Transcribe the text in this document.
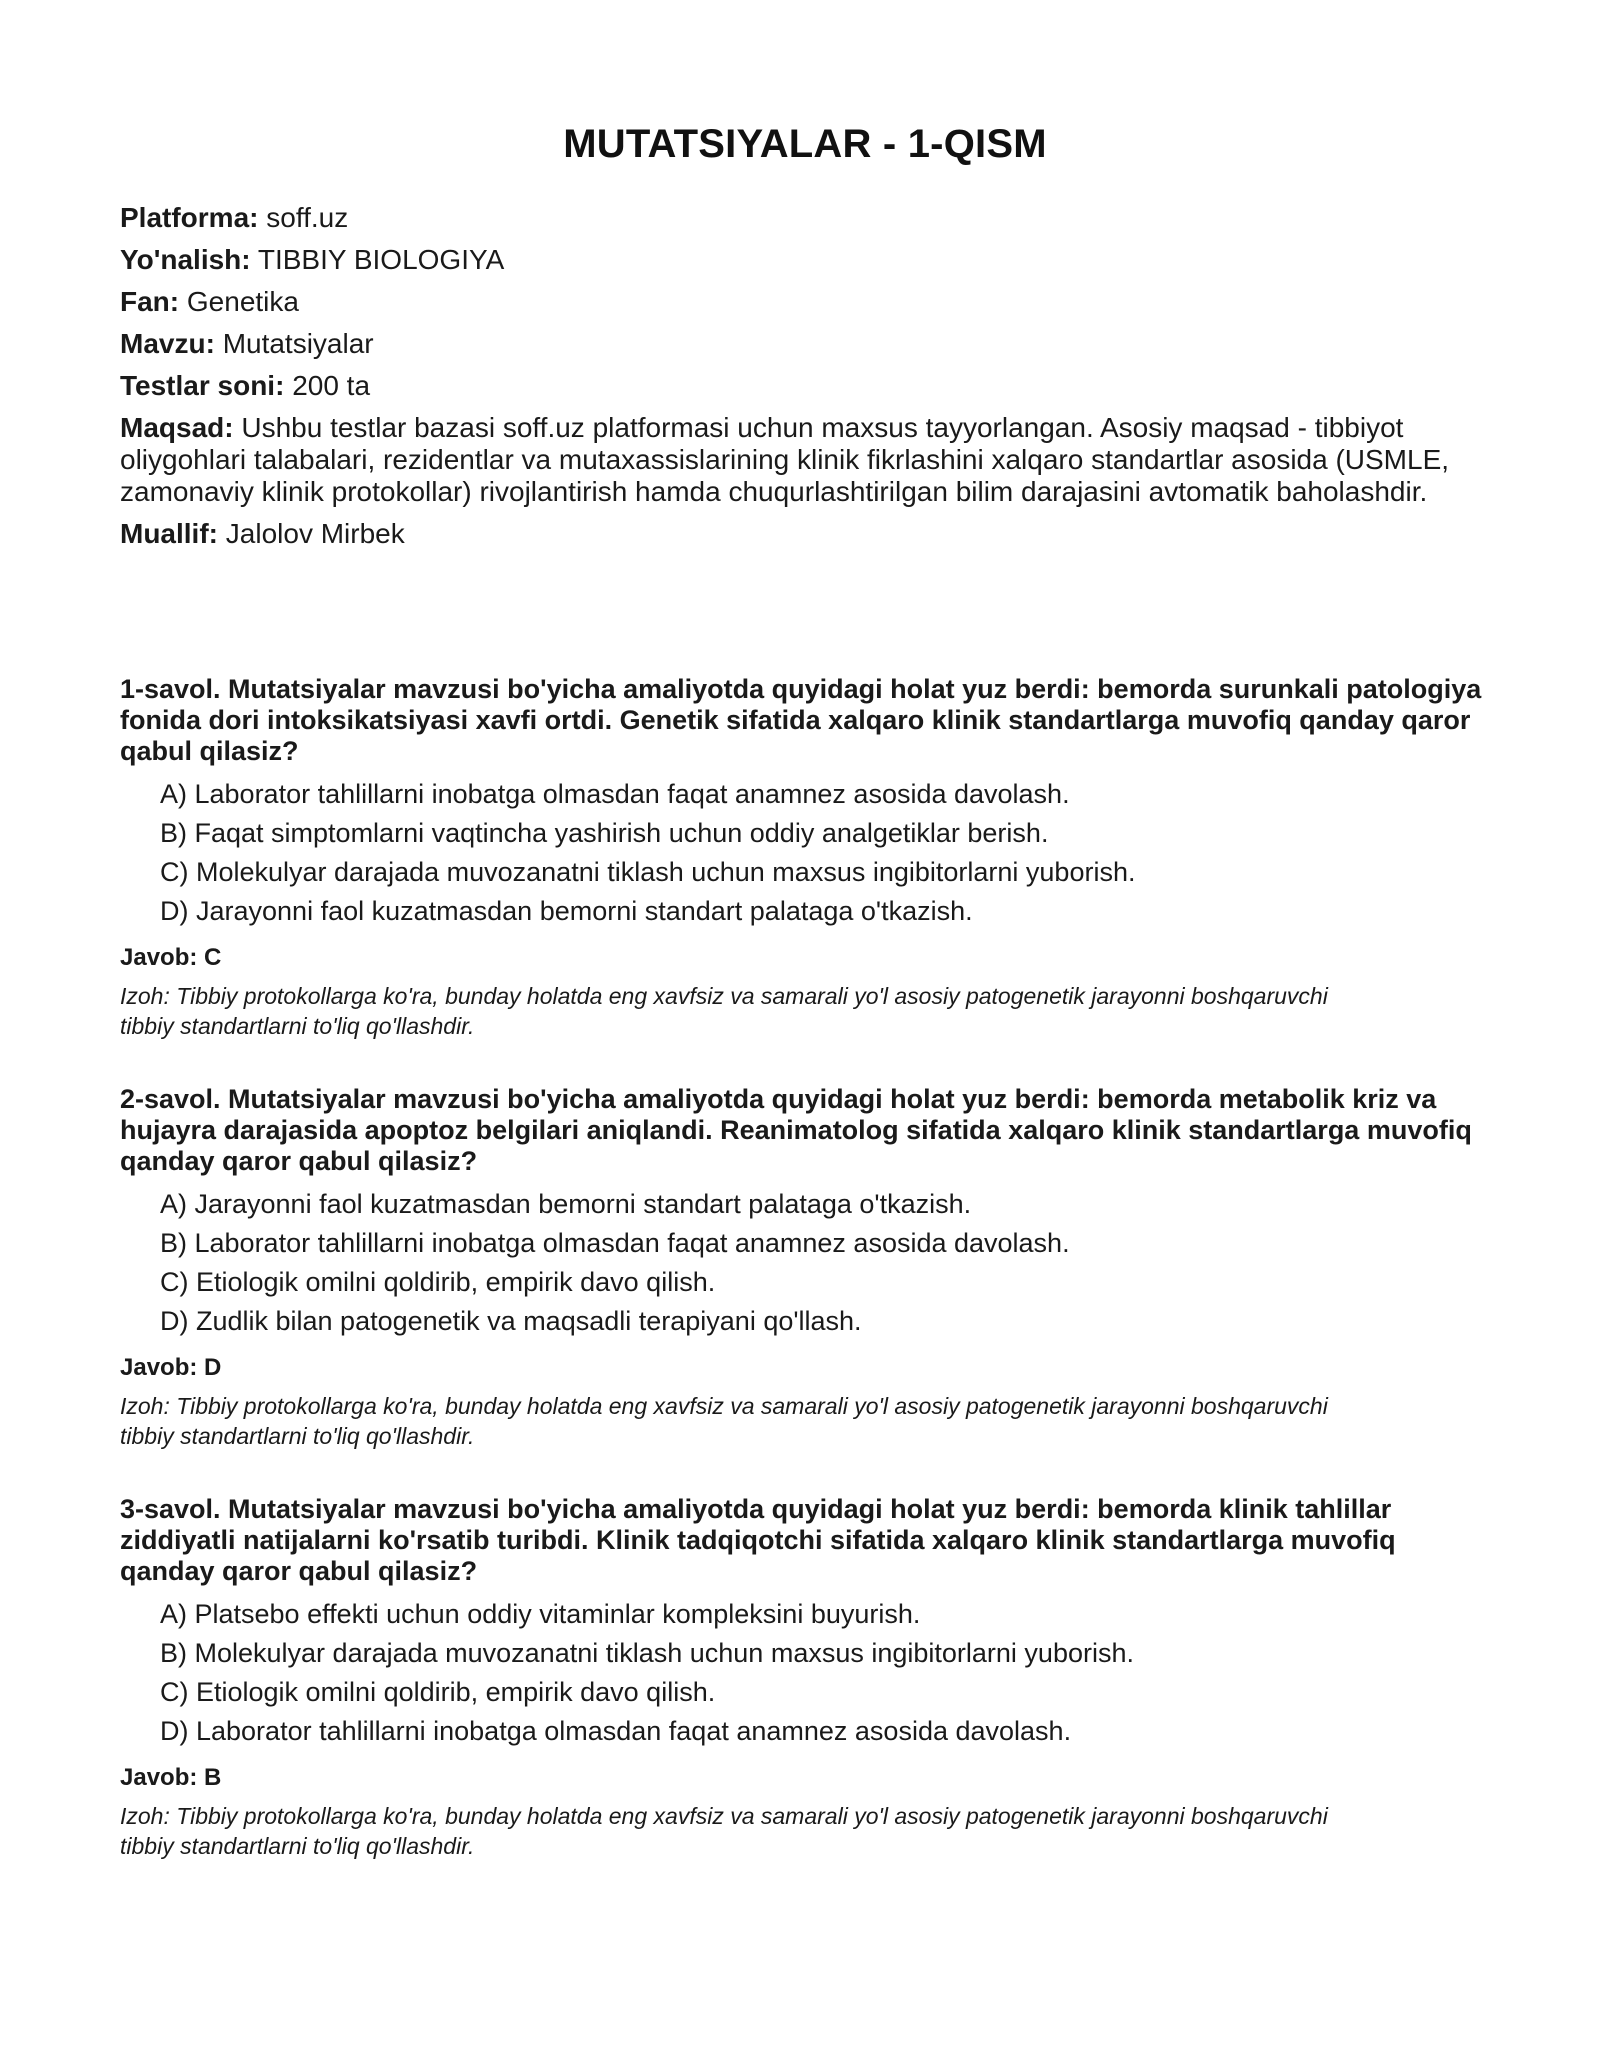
MUTATSIYALAR - 1-QISM

Platforma: soff.uz

Yo'nalish: TIBBIY BIOLOGIYA

Fan: Genetika

Mavzu: Mutatsiyalar

Testlar soni: 200 ta

Maqsad: Ushbu testlar bazasi soff.uz platformasi uchun maxsus tayyorlangan. Asosiy maqsad - tibbiyot oliygohlari talabalari, rezidentlar va mutaxassislarining klinik fikrlashini xalqaro standartlar asosida (USMLE, zamonaviy klinik protokollar) rivojlantirish hamda chuqurlashtirilgan bilim darajasini avtomatik baholashdir.

Muallif: Jalolov Mirbek

1-savol. Mutatsiyalar mavzusi bo'yicha amaliyotda quyidagi holat yuz berdi: bemorda surunkali patologiya fonida dori intoksikatsiyasi xavfi ortdi. Genetik sifatida xalqaro klinik standartlarga muvofiq qanday qaror qabul qilasiz?

A) Laborator tahlillarni inobatga olmasdan faqat anamnez asosida davolash.
B) Faqat simptomlarni vaqtincha yashirish uchun oddiy analgetiklar berish.
C) Molekulyar darajada muvozanatni tiklash uchun maxsus ingibitorlarni yuborish.
D) Jarayonni faol kuzatmasdan bemorni standart palataga o'tkazish.

Javob: C

Izoh: Tibbiy protokollarga ko'ra, bunday holatda eng xavfsiz va samarali yo'l asosiy patogenetik jarayonni boshqaruvchi tibbiy standartlarni to'liq qo'llashdir.

2-savol. Mutatsiyalar mavzusi bo'yicha amaliyotda quyidagi holat yuz berdi: bemorda metabolik kriz va hujayra darajasida apoptoz belgilari aniqlandi. Reanimatolog sifatida xalqaro klinik standartlarga muvofiq qanday qaror qabul qilasiz?

A) Jarayonni faol kuzatmasdan bemorni standart palataga o'tkazish.
B) Laborator tahlillarni inobatga olmasdan faqat anamnez asosida davolash.
C) Etiologik omilni qoldirib, empirik davo qilish.
D) Zudlik bilan patogenetik va maqsadli terapiyani qo'llash.

Javob: D

Izoh: Tibbiy protokollarga ko'ra, bunday holatda eng xavfsiz va samarali yo'l asosiy patogenetik jarayonni boshqaruvchi tibbiy standartlarni to'liq qo'llashdir.

3-savol. Mutatsiyalar mavzusi bo'yicha amaliyotda quyidagi holat yuz berdi: bemorda klinik tahlillar ziddiyatli natijalarni ko'rsatib turibdi. Klinik tadqiqotchi sifatida xalqaro klinik standartlarga muvofiq qanday qaror qabul qilasiz?

A) Platsebo effekti uchun oddiy vitaminlar kompleksini buyurish.
B) Molekulyar darajada muvozanatni tiklash uchun maxsus ingibitorlarni yuborish.
C) Etiologik omilni qoldirib, empirik davo qilish.
D) Laborator tahlillarni inobatga olmasdan faqat anamnez asosida davolash.

Javob: B

Izoh: Tibbiy protokollarga ko'ra, bunday holatda eng xavfsiz va samarali yo'l asosiy patogenetik jarayonni boshqaruvchi tibbiy standartlarni to'liq qo'llashdir.
